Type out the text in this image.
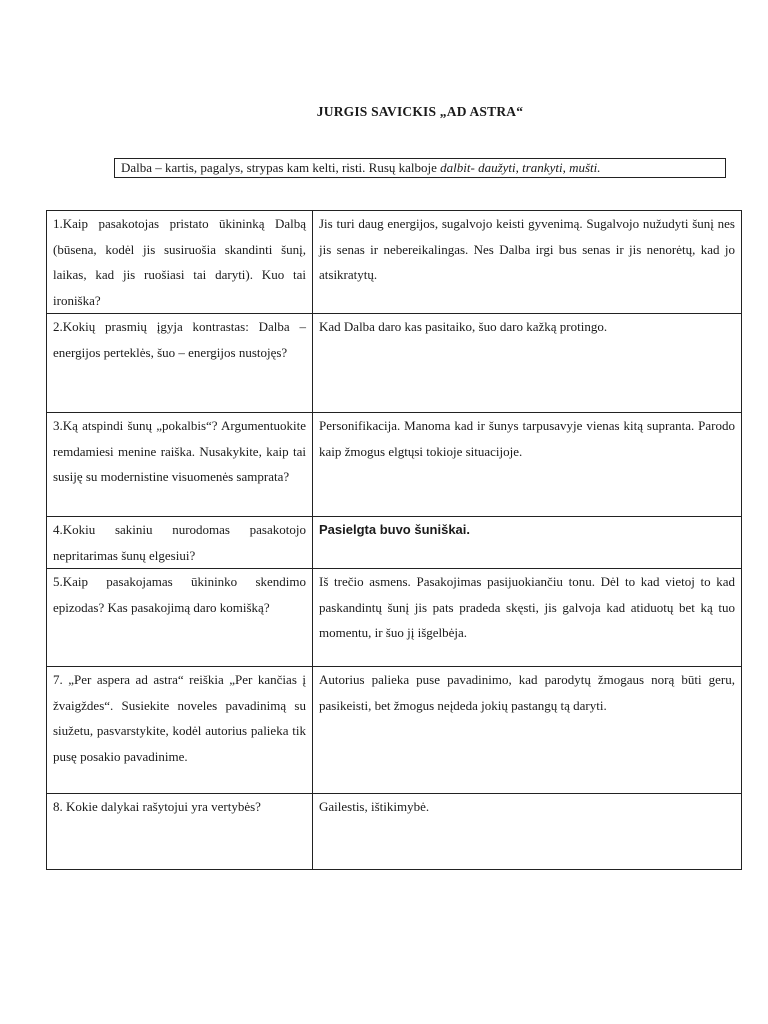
JURGIS SAVICKIS „AD ASTRA“
Dalba – kartis, pagalys, strypas kam kelti, risti. Rusų kalboje dalbit- daužyti, trankyti, mušti.
1.Kaip pasakotojas pristato ūkininką Dalbą (būsena, kodėl jis susiruošia skandinti šunį, laikas, kad jis ruošiasi tai daryti). Kuo tai ironiška?	Jis turi daug energijos, sugalvojo keisti gyvenimą. Sugalvojo nužudyti šunį nes jis senas ir nebereikalingas. Nes Dalba irgi bus senas ir jis nenorėtų, kad jo atsikratytų.
2.Kokių prasmių įgyja kontrastas: Dalba – energijos perteklės, šuo – energijos nustojęs?	Kad Dalba daro kas pasitaiko, šuo daro kažką protingo.
3.Ką atspindi šunų „pokalbis“? Argumentuokite remdamiesi menine raiška. Nusakykite, kaip tai susiję su modernistine visuomenės samprata?	Personifikacija. Manoma kad ir šunys tarpusavyje vienas kitą supranta. Parodo kaip žmogus elgtųsi tokioje situacijoje.
4.Kokiu sakiniu nurodomas pasakotojo nepritarimas šunų elgesiui?	Pasielgta buvo šuniškai.
5.Kaip pasakojamas ūkininko skendimo epizodas? Kas pasakojimą daro komišką?	Iš trečio asmens. Pasakojimas pasijuokiančiu tonu. Dėl to kad vietoj to kad paskandintų šunį jis pats pradeda skęsti, jis galvoja kad atiduotų bet ką tuo momentu, ir šuo jį išgelbėja.
7. „Per aspera ad astra“ reiškia „Per kančias į žvaigždes“. Susiekite noveles pavadinimą su siužetu, pasvarstykite, kodėl autorius palieka tik pusę posakio pavadinime.	Autorius palieka puse pavadinimo, kad parodytų žmogaus norą būti geru, pasikeisti, bet žmogus neįdeda jokių pastangų tą daryti.
8. Kokie dalykai rašytojui yra vertybės?	Gailestis, ištikimybė.
